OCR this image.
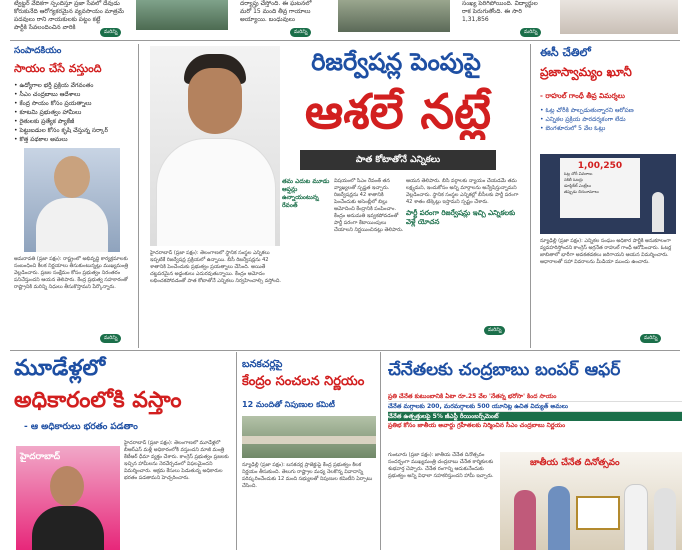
ట్విట్టర్ వేదికగా స్పందిస్తూ ప్రజా సేవలో దేవుడు
కోరుకునేది ఆరోగ్యకరమైన వ్యవసాయం మాత్రమే
పదవులు రాని నాయకులకు పట్టం కట్టే
పార్టీకి సేవలందించిన వారికి
మరిన్ని
దర్యాప్తు చేస్తోంది. ఈ ఘటనలో
మరో 15 మంది తీవ్ర గాయాలు
అయ్యాయి. బంధువులు
మరిన్ని
సంఖ్య పెరిగిపోయింది. విద్యార్థుల
రాక పెరుగుతోంది. ఈ సారి
1,31,856
మరిన్ని
సంపాదకీయం
సాయం చేసే వస్తుంది
• ఉద్యోగాల భర్తీ ప్రక్రియ వేగవంతం
• సీఎం చంద్రబాబు ఆదేశాలు
• కేంద్ర సాయం కోసం ప్రయత్నాలు
• కూటమి ప్రభుత్వం హామీలు
• రైతులకు ప్రత్యేక ప్యాకేజీ
• పెట్టుబడుల కోసం కృషి చేస్తున్న సర్కార్
• కొత్త పథకాల అమలు
అమరావతి (ప్రజా పక్షం): రాష్ట్రంలో అభివృద్ధి కార్యక్రమాలకు సంబంధించి కీలక నిర్ణయాలు తీసుకుంటున్నట్లు ముఖ్యమంత్రి వెల్లడించారు. ప్రజల సంక్షేమం కోసం ప్రభుత్వం నిరంతరం పనిచేస్తుందని ఆయన తెలిపారు. కేంద్ర ప్రభుత్వ సహకారంతో రాష్ట్రానికి మరిన్ని నిధులు తీసుకొస్తామని పేర్కొన్నారు.
మరిన్ని
రిజర్వేషన్ల పెంపుపై
ఆశలే నట్లే
పాత కోటాతోనే ఎన్నికలు
తమ ఎదుట మూడు ఆప్షన్లు ఉన్నాయంటున్న రేవంత్
హైదరాబాద్ (ప్రజా పక్షం): తెలంగాణలో స్థానిక సంస్థల ఎన్నికలు ఇప్పటికే రిజర్వేషన్ల ప్రక్రియలో ఉన్నాయి. బీసీ రిజర్వేషన్లను 42 శాతానికి పెంచేందుకు ప్రభుత్వం ప్రయత్నాలు చేసింది. అయితే చట్టపరమైన అడ్డంకులు ఎదురవుతున్నాయి. కేంద్రం ఆమోదం లభించకపోవడంతో పాత కోటాతోనే ఎన్నికలు నిర్వహించాల్సి వస్తోంది.
విషయంలో సీఎం రేవంత్ తన వ్యాఖ్యలతో స్పష్టత ఇచ్చారు. రిజర్వేషన్లను 42 శాతానికి పెంచేందుకు అసెంబ్లీలో బిల్లు ఆమోదించి కేంద్రానికి పంపించాం. కేంద్రం అనుమతి ఇవ్వకపోవడంతో పార్టీ పరంగా కేటాయింపులు చేయాలని నిర్ణయించినట్లు తెలిపారు.
ఆయన తెలిపారు. బీసీ వర్గాలకు న్యాయం చేయడమే తమ లక్ష్యమని, ఇందుకోసం అన్ని మార్గాలను అన్వేషిస్తున్నామని వెల్లడించారు. స్థానిక సంస్థల ఎన్నికల్లో బీసీలకు పార్టీ పరంగా 42 శాతం టిక్కెట్లు ఇస్తామని స్పష్టం చేశారు.
పార్టీ పరంగా రిజర్వేషన్లు ఇచ్చి ఎన్నికలకు వెళ్లే యోచన
మరిన్ని
ఈసీ చేతిలో
ప్రజాస్వామ్యం ఖూనీ
- రాహుల్ గాంధీ తీవ్ర విమర్శలు
• ఓట్ల చోరీకి పాల్పడుతున్నారని ఆరోపణ
• ఎన్నికల ప్రక్రియ పారదర్శకంగా లేదు
• బెంగళూరులో 5 వేల ఓట్లు
1,00,250
ఓట్ల చోరీ వివరాలు
నకిలీ ఓటర్లు
డూప్లికేట్ ఎంట్రీలు
తప్పుడు చిరునామాలు
న్యూఢిల్లీ (ప్రజా పక్షం): ఎన్నికల సంఘం అధికార పార్టీకి అనుకూలంగా వ్యవహరిస్తోందని కాంగ్రెస్ అగ్రనేత రాహుల్ గాంధీ ఆరోపించారు. ఓటర్ల జాబితాలో భారీగా అవకతవకలు జరిగాయని ఆయన విమర్శించారు. ఆధారాలతో సహా వివరాలను మీడియా ముందు ఉంచారు.
మరిన్ని
మూడేళ్లలో
అధికారంలోకి వస్తాం
- ఆ అధికారులు భరతం పడతాం
హైదరాబాద్
హైదరాబాద్ (ప్రజా పక్షం): తెలంగాణలో మూడేళ్లలో బీఆర్ఎస్ మళ్లీ అధికారంలోకి వస్తుందని మాజీ మంత్రి కేటీఆర్ ధీమా వ్యక్తం చేశారు. కాంగ్రెస్ ప్రభుత్వం ప్రజలకు ఇచ్చిన హామీలను నెరవేర్చడంలో విఫలమైందని విమర్శించారు. అక్రమ కేసులు పెడుతున్న అధికారుల భరతం పడతామని హెచ్చరించారు.
బనకచర్లపై
కేంద్రం సంచలన నిర్ణయం
12 మందితో నిపుణుల కమిటీ
న్యూఢిల్లీ (ప్రజా పక్షం): బనకచర్ల ప్రాజెక్టుపై కేంద్ర ప్రభుత్వం కీలక నిర్ణయం తీసుకుంది. తెలుగు రాష్ట్రాల మధ్య నెలకొన్న వివాదాన్ని పరిష్కరించేందుకు 12 మంది సభ్యులతో నిపుణుల కమిటీని ఏర్పాటు చేసింది.
చేనేతలకు చంద్రబాబు బంపర్ ఆఫర్
ప్రతి చేనేత కుటుంబానికి ఏటా రూ.25 వేల 'నేతన్న భరోసా' కింద సాయం
చేనేత మగ్గాలకు 200, మరమగ్గాలకు 500 యూనిట్ల ఉచిత విద్యుత్ అమలు
చేనేత ఉత్పత్తులపై 5% జీఎస్టీ రీయింబర్స్‌మెంట్
ప్రతిభ కోసం జాతీయ అవార్డు గ్రహీతలకు నిర్మించిన సీఎం చంద్రబాబు నిర్ణయం
గుంటూరు (ప్రజా పక్షం): జాతీయ చేనేత దినోత్సవం సందర్భంగా ముఖ్యమంత్రి చంద్రబాబు చేనేత కార్మికులకు శుభవార్త చెప్పారు. చేనేత రంగాన్ని ఆదుకునేందుకు ప్రభుత్వం అన్ని విధాలా సహకరిస్తుందని హామీ ఇచ్చారు.
జాతీయ చేనేత దినోత్సవం
